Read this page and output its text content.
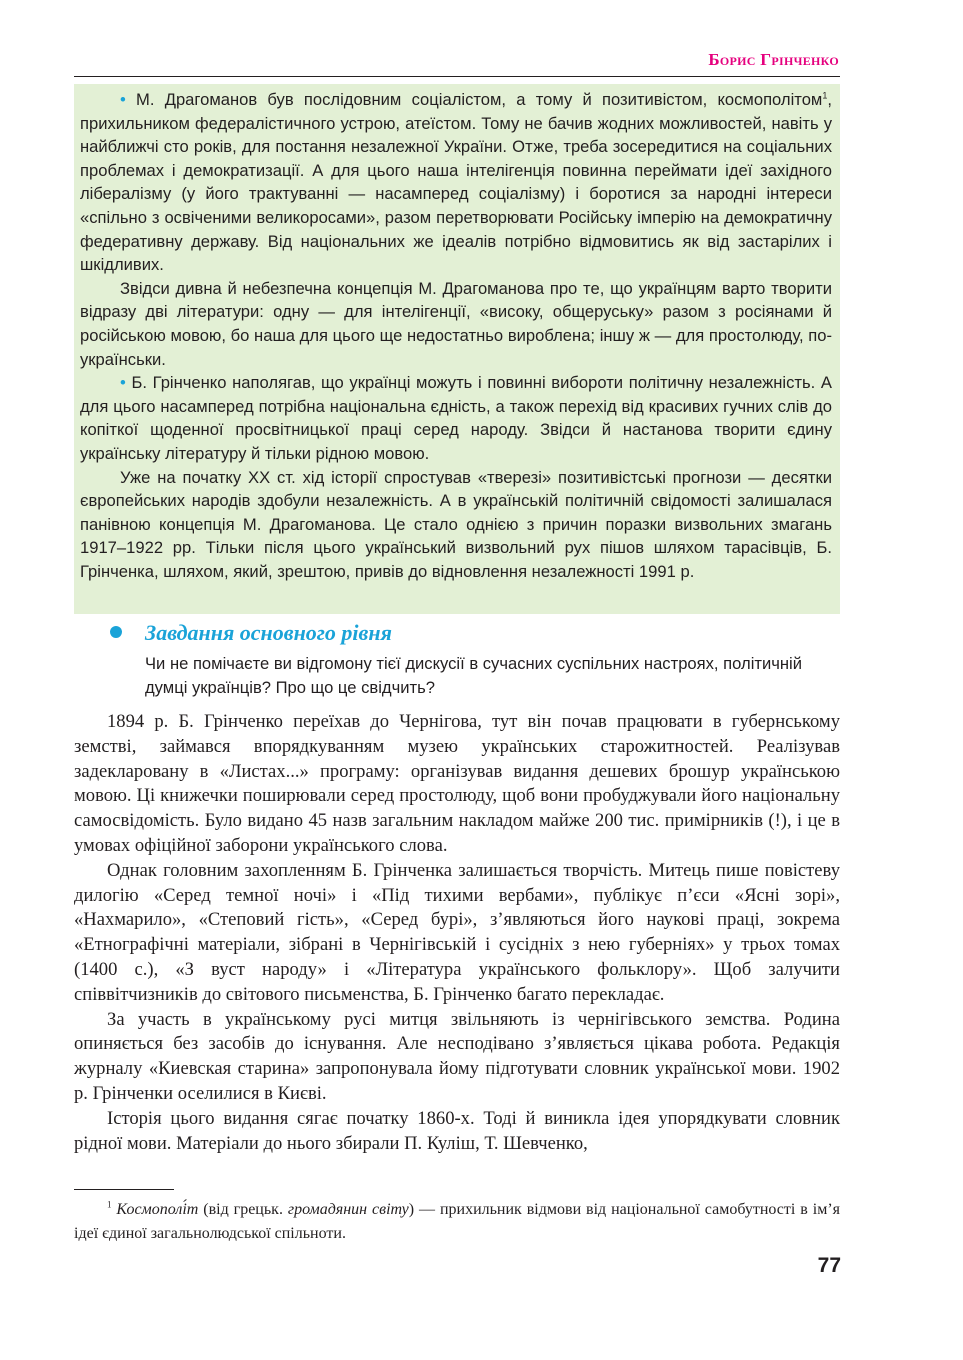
Борис Грінченко

• М. Драгоманов був послідовним соціалістом, а тому й позитивістом, космополітом$^1$, прихильником федералістичного устрою, атеїстом. Тому не бачив жодних можливостей, навіть у найближчі сто років, для постання незалежної України. Отже, треба зосередитися на соціальних проблемах і демократизації. А для цього наша інтелігенція повинна переймати ідеї західного лібералізму (у його трактуванні — насамперед соціалізму) і боротися за народні інтереси «спільно з освіченими великоросами», разом перетворювати Російську імперію на демократичну федеративну державу. Від національних же ідеалів потрібно відмовитись як від застарілих і шкідливих.

Звідси дивна й небезпечна концепція М. Драгоманова про те, що українцям варто творити відразу дві літератури: одну — для інтелігенції, «високу, общеруську» разом з росіянами й російською мовою, бо наша для цього ще недостатньо вироблена; іншу ж — для простолюду, по-українськи.

• Б. Грінченко наполягав, що українці можуть і повинні вибороти політичну незалежність. А для цього насамперед потрібна національна єдність, а також перехід від красивих гучних слів до копіткої щоденної просвітницької праці серед народу. Звідси й настанова творити єдину українську літературу й тільки рідною мовою.

Уже на початку XX ст. хід історії спростував «тверезі» позитивістські прогнози — десятки європейських народів здобули незалежність. А в українській політичній свідомості залишалася панівною концепція М. Драгоманова. Це стало однією з причин поразки визвольних змагань 1917–1922 рр. Тільки після цього український визвольний рух пішов шляхом тарасівців, Б. Грінченка, шляхом, який, зрештою, привів до відновлення незалежності 1991 р.

Завдання основного рівня
Чи не помічаєте ви відгомону тієї дискусії в сучасних суспільних настроях, політичній думці українців? Про що це свідчить?

1894 р. Б. Грінченко переїхав до Чернігова, тут він почав працювати в губернському земстві, займався впорядкуванням музею українських старожитностей. Реалізував задекларовану в «Листах...» програму: організував видання дешевих брошур українською мовою. Ці книжечки поширювали серед простолюду, щоб вони пробуджували його національну самосвідомість. Було видано 45 назв загальним накладом майже 200 тис. примірників (!), і це в умовах офіційної заборони українського слова.

Однак головним захопленням Б. Грінченка залишається творчість. Митець пише повістеву дилогію «Серед темної ночі» і «Під тихими вербами», публікує п’єси «Ясні зорі», «Нахмарило», «Степовий гість», «Серед бурі», з’являються його наукові праці, зокрема «Етнографічні матеріали, зібрані в Чернігівській і сусідніх з нею губерніях» у трьох томах (1400 с.), «З вуст народу» і «Література українського фольклору». Щоб залучити співвітчизників до світового письменства, Б. Грінченко багато перекладає.

За участь в українському русі митця звільняють із чернігівського земства. Родина опиняється без засобів до існування. Але несподівано з’являється цікава робота. Редакція журналу «Киевская старина» запропонувала йому підготувати словник української мови. 1902 р. Грінченки оселилися в Києві.

Історія цього видання сягає початку 1860-х. Тоді й виникла ідея упорядкувати словник рідної мови. Матеріали до нього збирали П. Куліш, Т. Шевченко,

$^1$ Космополі́т (від грецьк. громадянин світу) — прихильник відмови від національної самобутності в ім’я ідеї єдиної загальнолюдської спільноти.
77
